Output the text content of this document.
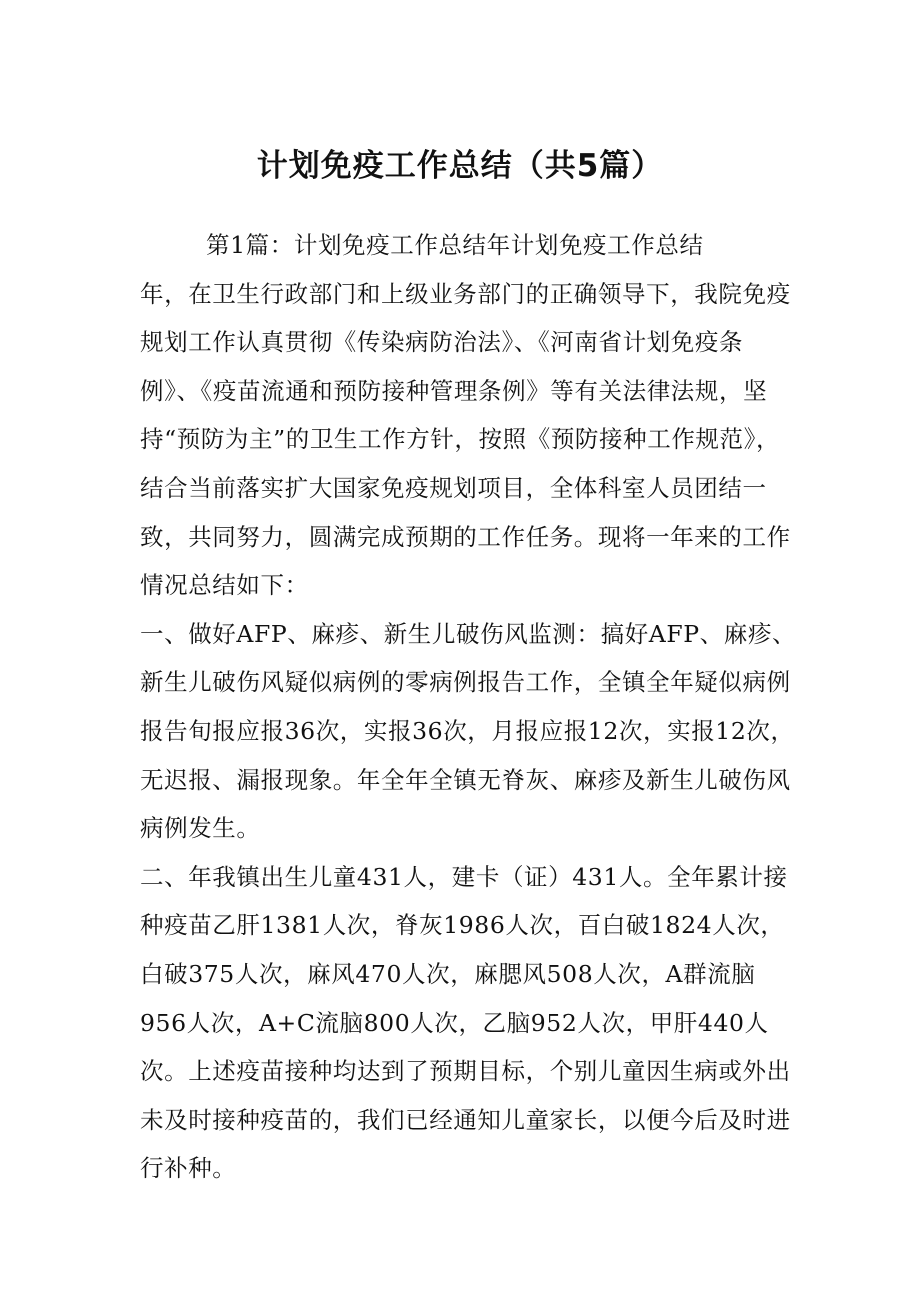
计划免疫工作总结（共5篇）

第1篇：计划免疫工作总结年计划免疫工作总结

年，在卫生行政部门和上级业务部门的正确领导下，我院免疫规划工作认真贯彻《传染病防治法》、《河南省计划免疫条例》、《疫苗流通和预防接种管理条例》等有关法律法规，坚持“预防为主”的卫生工作方针，按照《预防接种工作规范》，结合当前落实扩大国家免疫规划项目，全体科室人员团结一致，共同努力，圆满完成预期的工作任务。现将一年来的工作情况总结如下：

一、做好AFP、麻疹、新生儿破伤风监测：搞好AFP、麻疹、新生儿破伤风疑似病例的零病例报告工作，全镇全年疑似病例报告旬报应报36次，实报36次，月报应报12次，实报12次，无迟报、漏报现象。年全年全镇无脊灰、麻疹及新生儿破伤风病例发生。

二、年我镇出生儿童431人，建卡（证）431人。全年累计接种疫苗乙肝1381人次，脊灰1986人次，百白破1824人次，白破375人次，麻风470人次，麻腮风508人次，A群流脑956人次，A+C流脑800人次，乙脑952人次，甲肝440人次。上述疫苗接种均达到了预期目标，个别儿童因生病或外出未及时接种疫苗的，我们已经通知儿童家长，以便今后及时进行补种。
